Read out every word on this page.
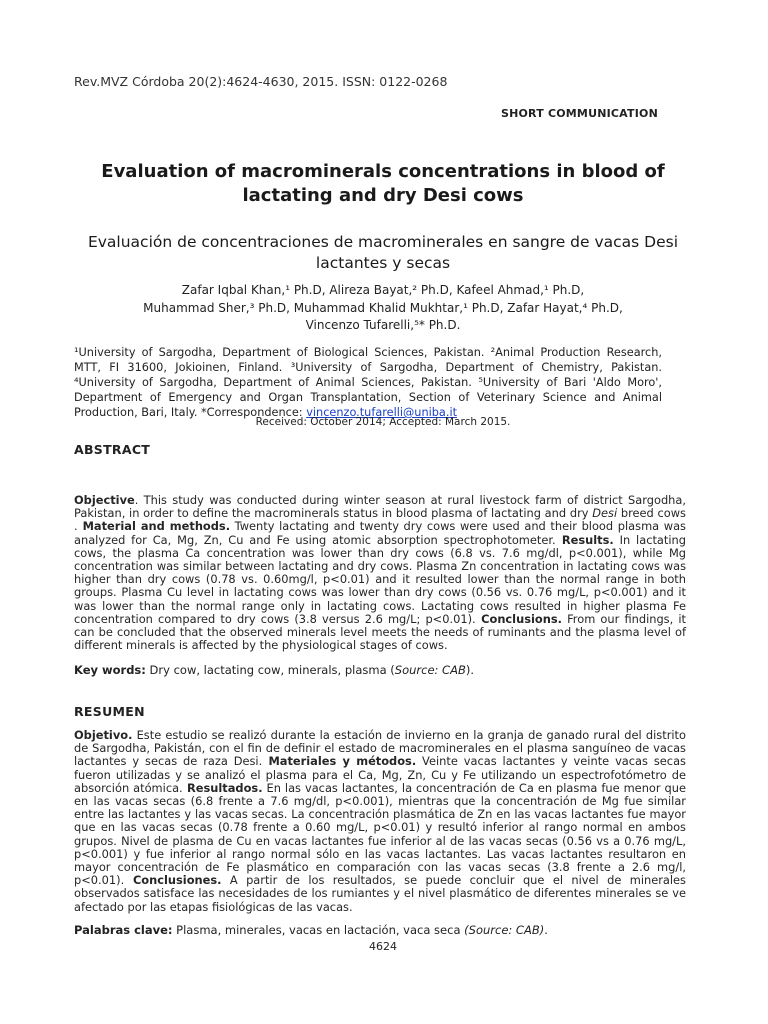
Rev.MVZ Córdoba 20(2):4624-4630, 2015. ISSN: 0122-0268
SHORT COMMUNICATION
Evaluation of macrominerals concentrations in blood of lactating and dry Desi cows
Evaluación de concentraciones de macrominerales en sangre de vacas Desi lactantes y secas
Zafar Iqbal Khan,¹ Ph.D, Alireza Bayat,² Ph.D, Kafeel Ahmad,¹ Ph.D,
Muhammad Sher,³ Ph.D, Muhammad Khalid Mukhtar,¹ Ph.D, Zafar Hayat,⁴ Ph.D,
Vincenzo Tufarelli,⁵* Ph.D.
¹University of Sargodha, Department of Biological Sciences, Pakistan. ²Animal Production Research, MTT, FI 31600, Jokioinen, Finland. ³University of Sargodha, Department of Chemistry, Pakistan. ⁴University of Sargodha, Department of Animal Sciences, Pakistan. ⁵University of Bari 'Aldo Moro', Department of Emergency and Organ Transplantation, Section of Veterinary Science and Animal Production, Bari, Italy. *Correspondence: vincenzo.tufarelli@uniba.it
Received: October 2014; Accepted: March 2015.
ABSTRACT
Objective. This study was conducted during winter season at rural livestock farm of district Sargodha, Pakistan, in order to define the macrominerals status in blood plasma of lactating and dry Desi breed cows . Material and methods. Twenty lactating and twenty dry cows were used and their blood plasma was analyzed for Ca, Mg, Zn, Cu and Fe using atomic absorption spectrophotometer. Results. In lactating cows, the plasma Ca concentration was lower than dry cows (6.8 vs. 7.6 mg/dl, p<0.001), while Mg concentration was similar between lactating and dry cows. Plasma Zn concentration in lactating cows was higher than dry cows (0.78 vs. 0.60mg/l, p<0.01) and it resulted lower than the normal range in both groups. Plasma Cu level in lactating cows was lower than dry cows (0.56 vs. 0.76 mg/L, p<0.001) and it was lower than the normal range only in lactating cows. Lactating cows resulted in higher plasma Fe concentration compared to dry cows (3.8 versus 2.6 mg/L; p<0.01). Conclusions. From our findings, it can be concluded that the observed minerals level meets the needs of ruminants and the plasma level of different minerals is affected by the physiological stages of cows.
Key words: Dry cow, lactating cow, minerals, plasma (Source: CAB).
RESUMEN
Objetivo. Este estudio se realizó durante la estación de invierno en la granja de ganado rural del distrito de Sargodha, Pakistán, con el fin de definir el estado de macrominerales en el plasma sanguíneo de vacas lactantes y secas de raza Desi. Materiales y métodos. Veinte vacas lactantes y veinte vacas secas fueron utilizadas y se analizó el plasma para el Ca, Mg, Zn, Cu y Fe utilizando un espectrofotómetro de absorción atómica. Resultados. En las vacas lactantes, la concentración de Ca en plasma fue menor que en las vacas secas (6.8 frente a 7.6 mg/dl, p<0.001), mientras que la concentración de Mg fue similar entre las lactantes y las vacas secas. La concentración plasmática de Zn en las vacas lactantes fue mayor que en las vacas secas (0.78 frente a 0.60 mg/L, p<0.01) y resultó inferior al rango normal en ambos grupos. Nivel de plasma de Cu en vacas lactantes fue inferior al de las vacas secas (0.56 vs a 0.76 mg/L, p<0.001) y fue inferior al rango normal sólo en las vacas lactantes. Las vacas lactantes resultaron en mayor concentración de Fe plasmático en comparación con las vacas secas (3.8 frente a 2.6 mg/l, p<0.01). Conclusiones. A partir de los resultados, se puede concluir que el nivel de minerales observados satisface las necesidades de los rumiantes y el nivel plasmático de diferentes minerales se ve afectado por las etapas fisiológicas de las vacas.
Palabras clave: Plasma, minerales, vacas en lactación, vaca seca (Source: CAB).
4624
